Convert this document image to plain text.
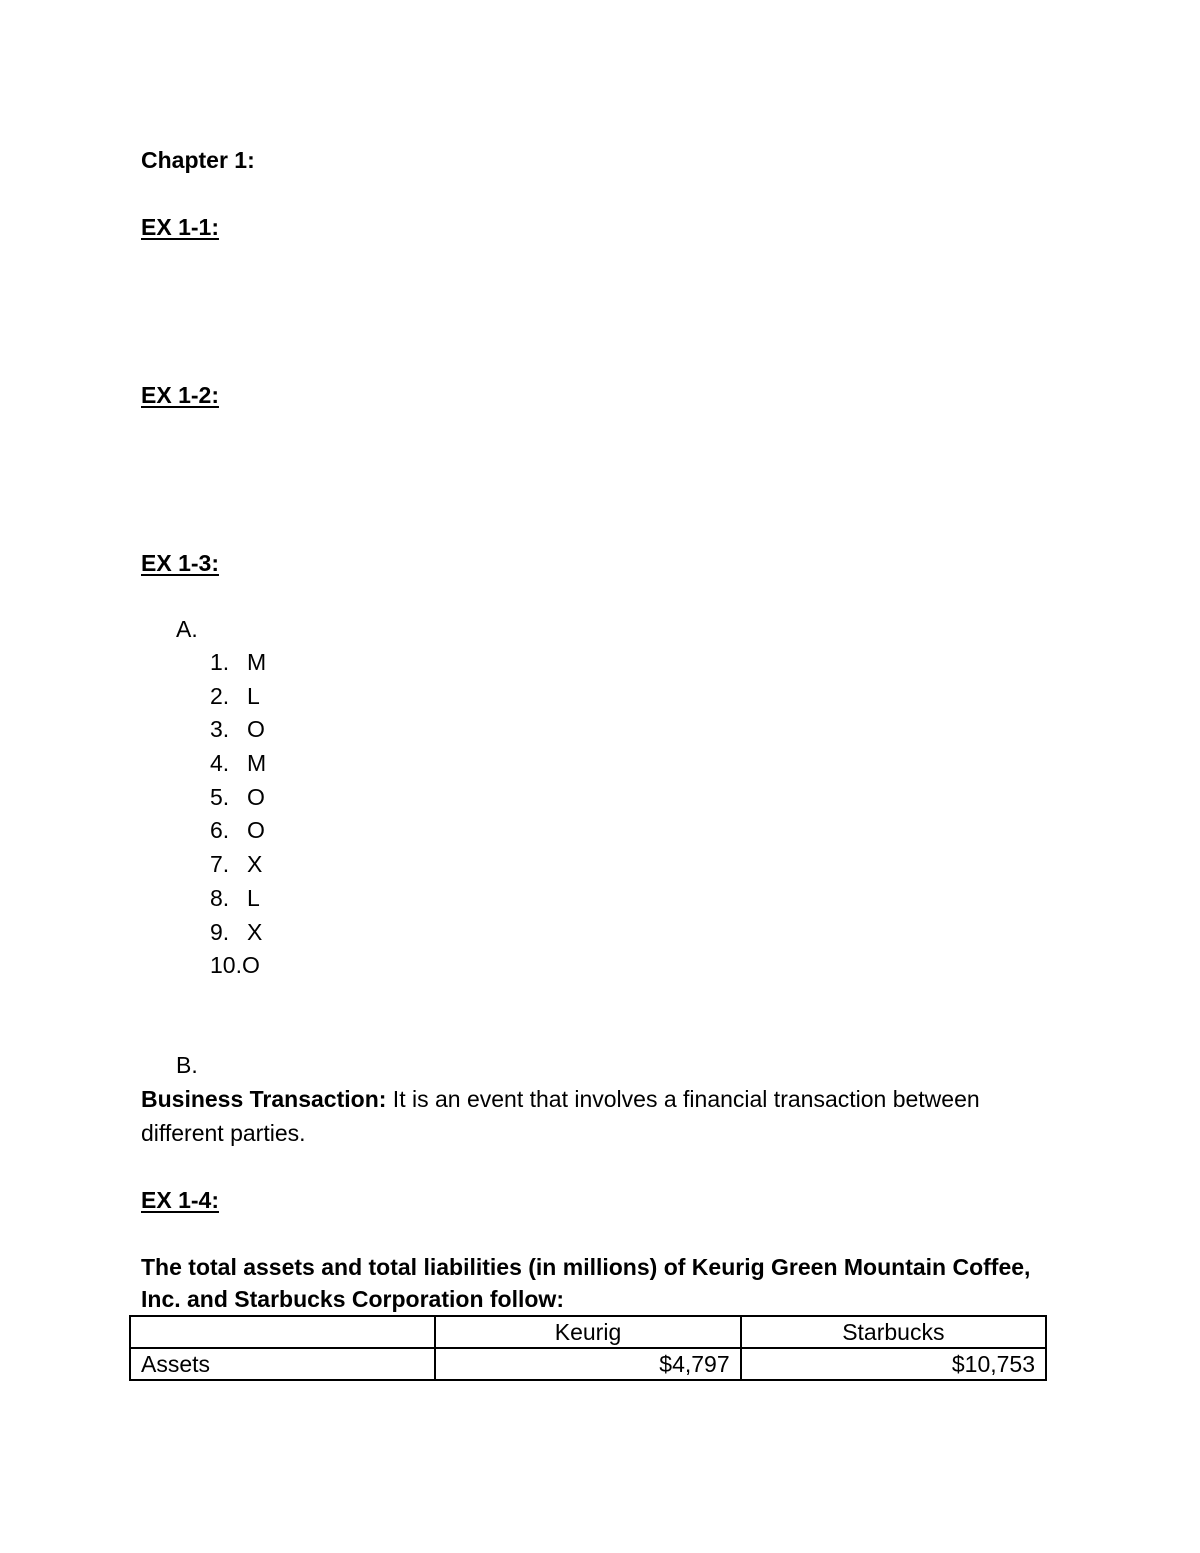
Chapter 1:
EX 1-1:
EX 1-2:
EX 1-3:
A.
1. M
2. L
3. O
4. M
5. O
6. O
7. X
8. L
9. X
10.O
B.
Business Transaction: It is an event that involves a financial transaction between different parties.
EX 1-4:
The total assets and total liabilities (in millions) of Keurig Green Mountain Coffee, Inc. and Starbucks Corporation follow:
	Keurig	Starbucks
Assets	$4,797	$10,753
